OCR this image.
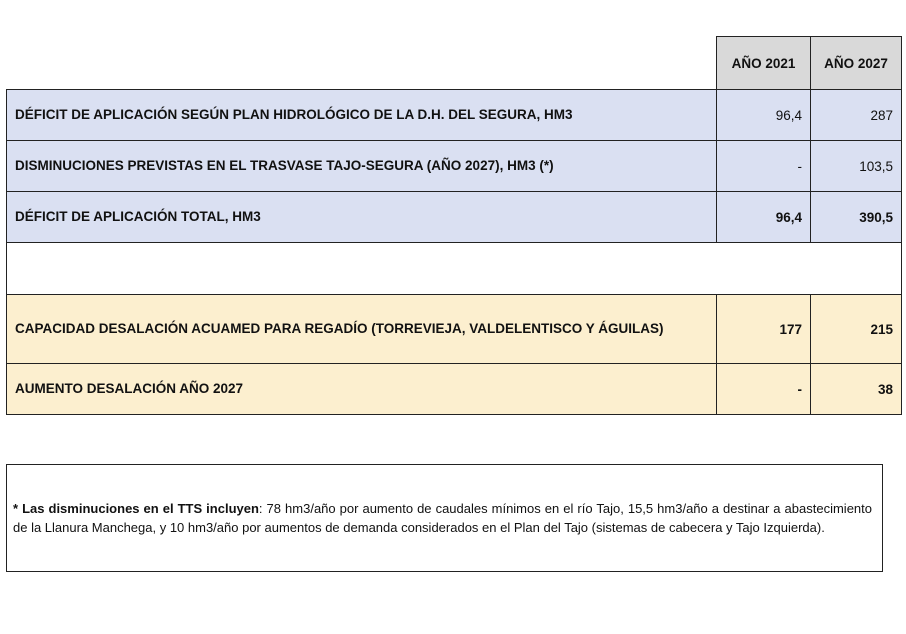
	AÑO 2021	AÑO 2027
DÉFICIT DE APLICACIÓN SEGÚN PLAN HIDROLÓGICO DE LA D.H. DEL SEGURA, HM3	96,4	287
DISMINUCIONES PREVISTAS EN EL TRASVASE TAJO-SEGURA (AÑO 2027), HM3 (*)	-	103,5
DÉFICIT DE APLICACIÓN TOTAL, HM3	96,4	390,5

CAPACIDAD DESALACIÓN ACUAMED PARA REGADÍO (TORREVIEJA, VALDELENTISCO Y ÁGUILAS)	177	215
AUMENTO DESALACIÓN AÑO 2027	-	38
* Las disminuciones en el TTS incluyen: 78 hm3/año por aumento de caudales mínimos en el río Tajo, 15,5 hm3/año a destinar a abastecimiento de la Llanura Manchega, y 10 hm3/año por aumentos de demanda considerados en el Plan del Tajo (sistemas de cabecera y Tajo Izquierda).
